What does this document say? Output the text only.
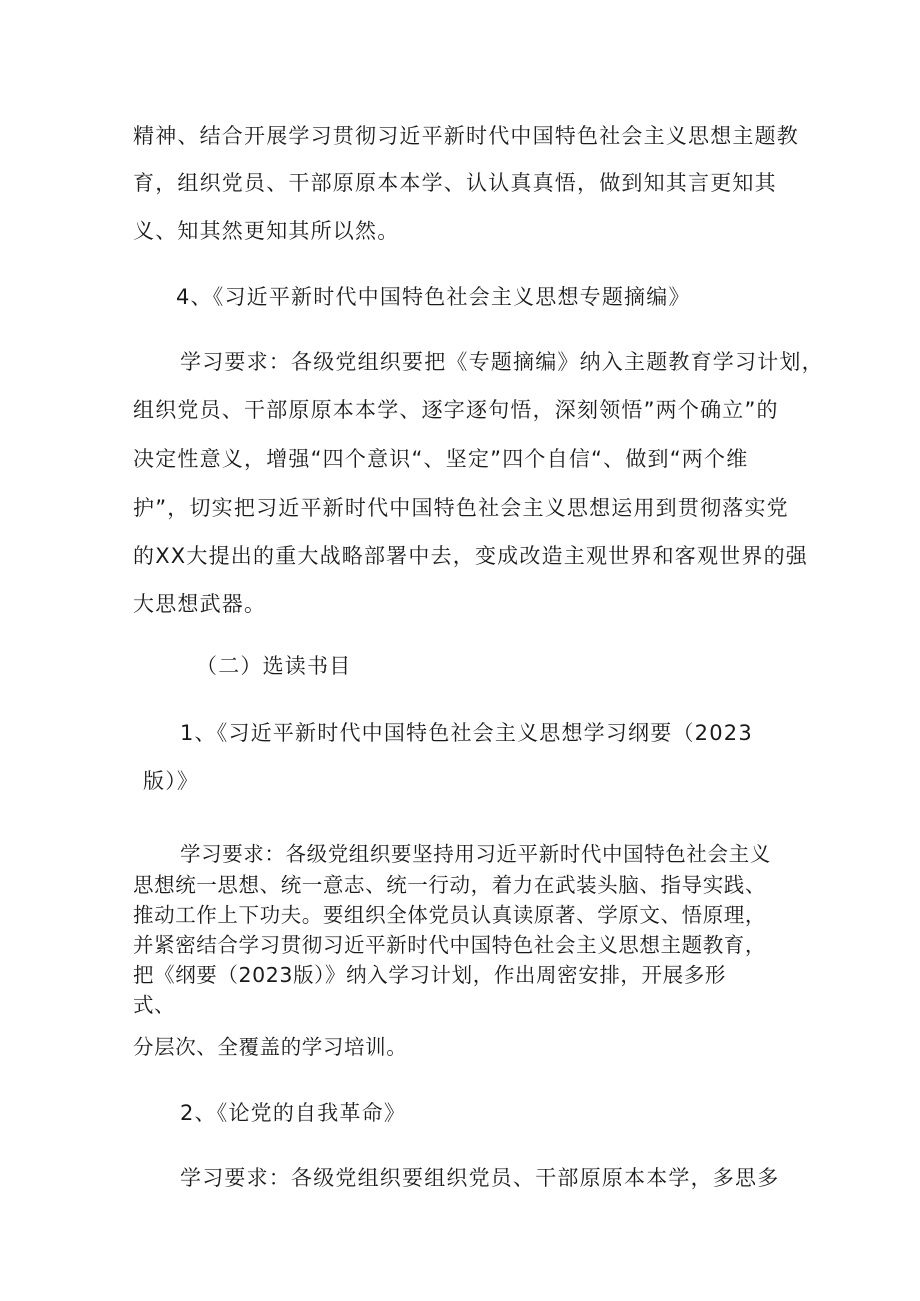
精神、结合开展学习贯彻习近平新时代中国特色社会主义思想主题教
育，组织党员、干部原原本本学、认认真真悟，做到知其言更知其
义、知其然更知其所以然。
4、《习近平新时代中国特色社会主义思想专题摘编》
学习要求：各级党组织要把《专题摘编》纳入主题教育学习计划，
组织党员、干部原原本本学、逐字逐句悟，深刻领悟”两个确立”的
决定性意义，增强“四个意识“、坚定”四个自信“、做到“两个维
护”，切实把习近平新时代中国特色社会主义思想运用到贯彻落实党
的XX大提出的重大战略部署中去，变成改造主观世界和客观世界的强
大思想武器。
（二）选读书目
1、《习近平新时代中国特色社会主义思想学习纲要（2023
版）》
学习要求：各级党组织要坚持用习近平新时代中国特色社会主义
思想统一思想、统一意志、统一行动，着力在武装头脑、指导实践、
推动工作上下功夫。要组织全体党员认真读原著、学原文、悟原理，
并紧密结合学习贯彻习近平新时代中国特色社会主义思想主题教育，
把《纲要（2023版）》纳入学习计划，作出周密安排，开展多形
式、
分层次、全覆盖的学习培训。
2、《论党的自我革命》
学习要求：各级党组织要组织党员、干部原原本本学，多思多
